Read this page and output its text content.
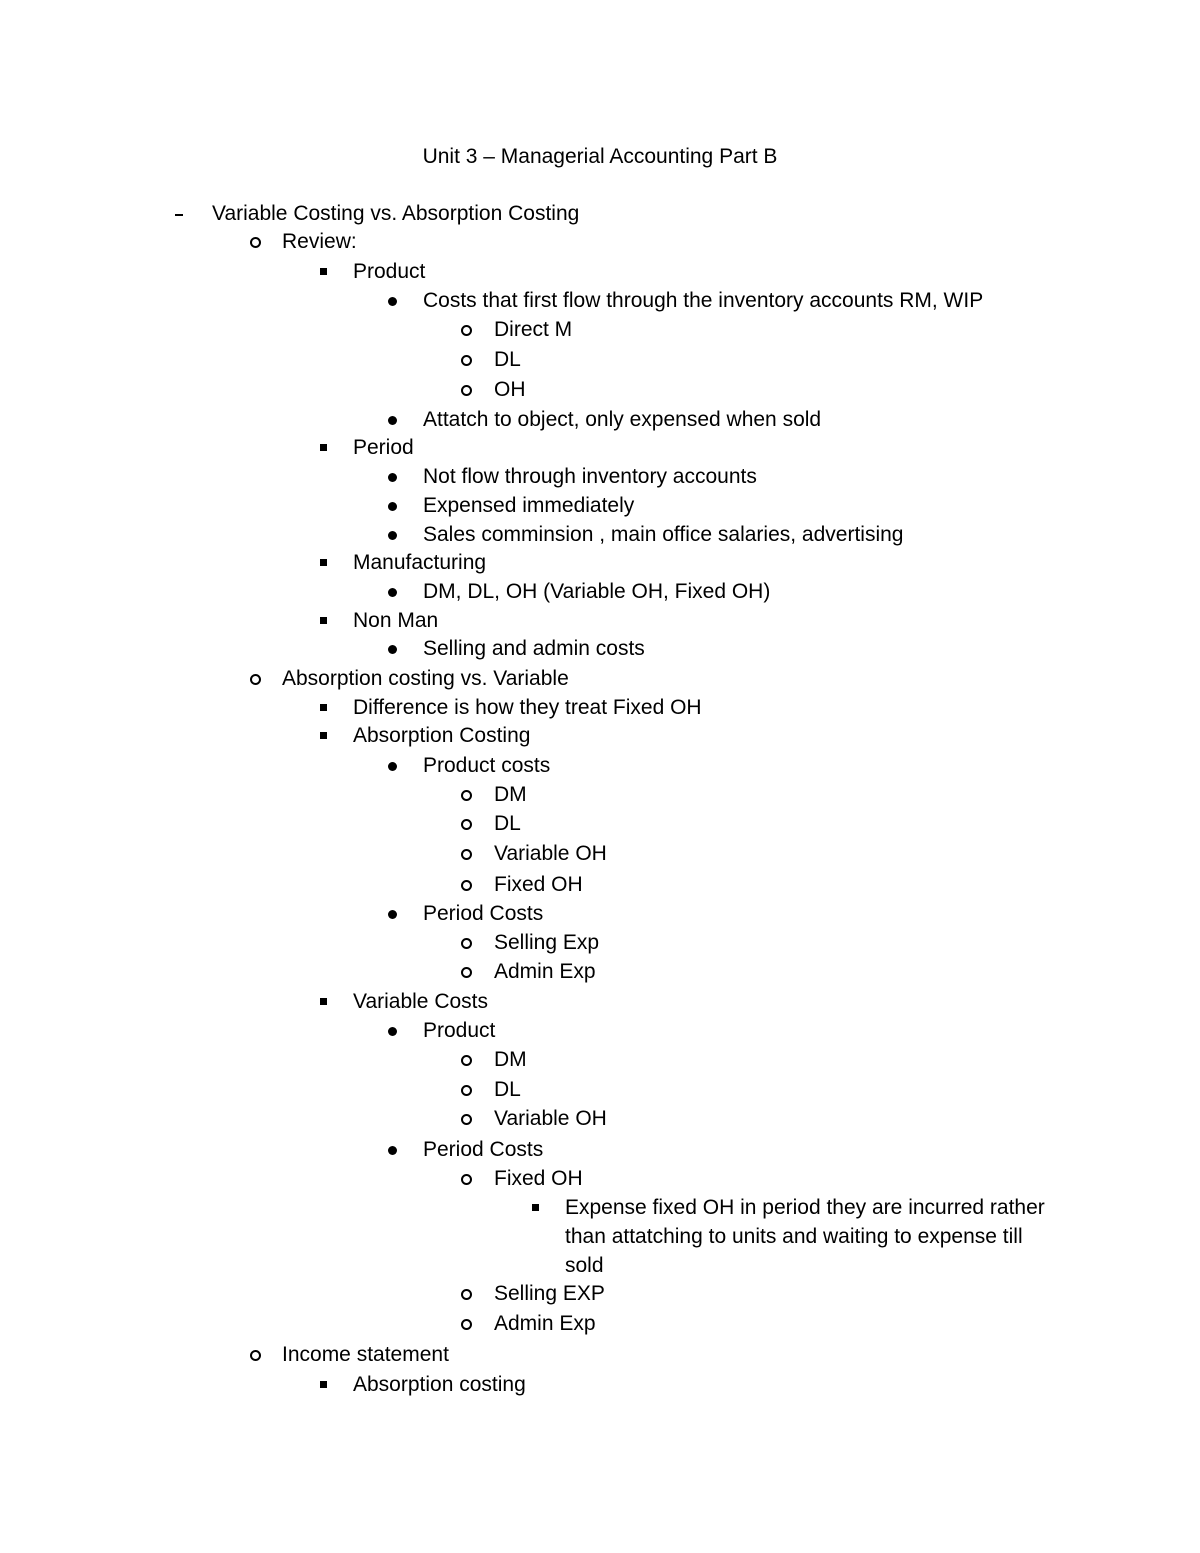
Unit 3 – Managerial Accounting Part B
Variable Costing vs. Absorption Costing
Review:
Product
Costs that first flow through the inventory accounts RM, WIP
Direct M
DL
OH
Attatch to object, only expensed when sold
Period
Not flow through inventory accounts
Expensed immediately
Sales comminsion , main office salaries, advertising
Manufacturing
DM, DL, OH (Variable OH, Fixed OH)
Non Man
Selling and admin costs
Absorption costing vs. Variable
Difference is how they treat Fixed OH
Absorption Costing
Product costs
DM
DL
Variable OH
Fixed OH
Period Costs
Selling Exp
Admin Exp
Variable Costs
Product
DM
DL
Variable OH
Period Costs
Fixed OH
Expense fixed OH in period they are incurred rather
than attatching to units and waiting to expense till
sold
Selling EXP
Admin Exp
Income statement
Absorption costing
